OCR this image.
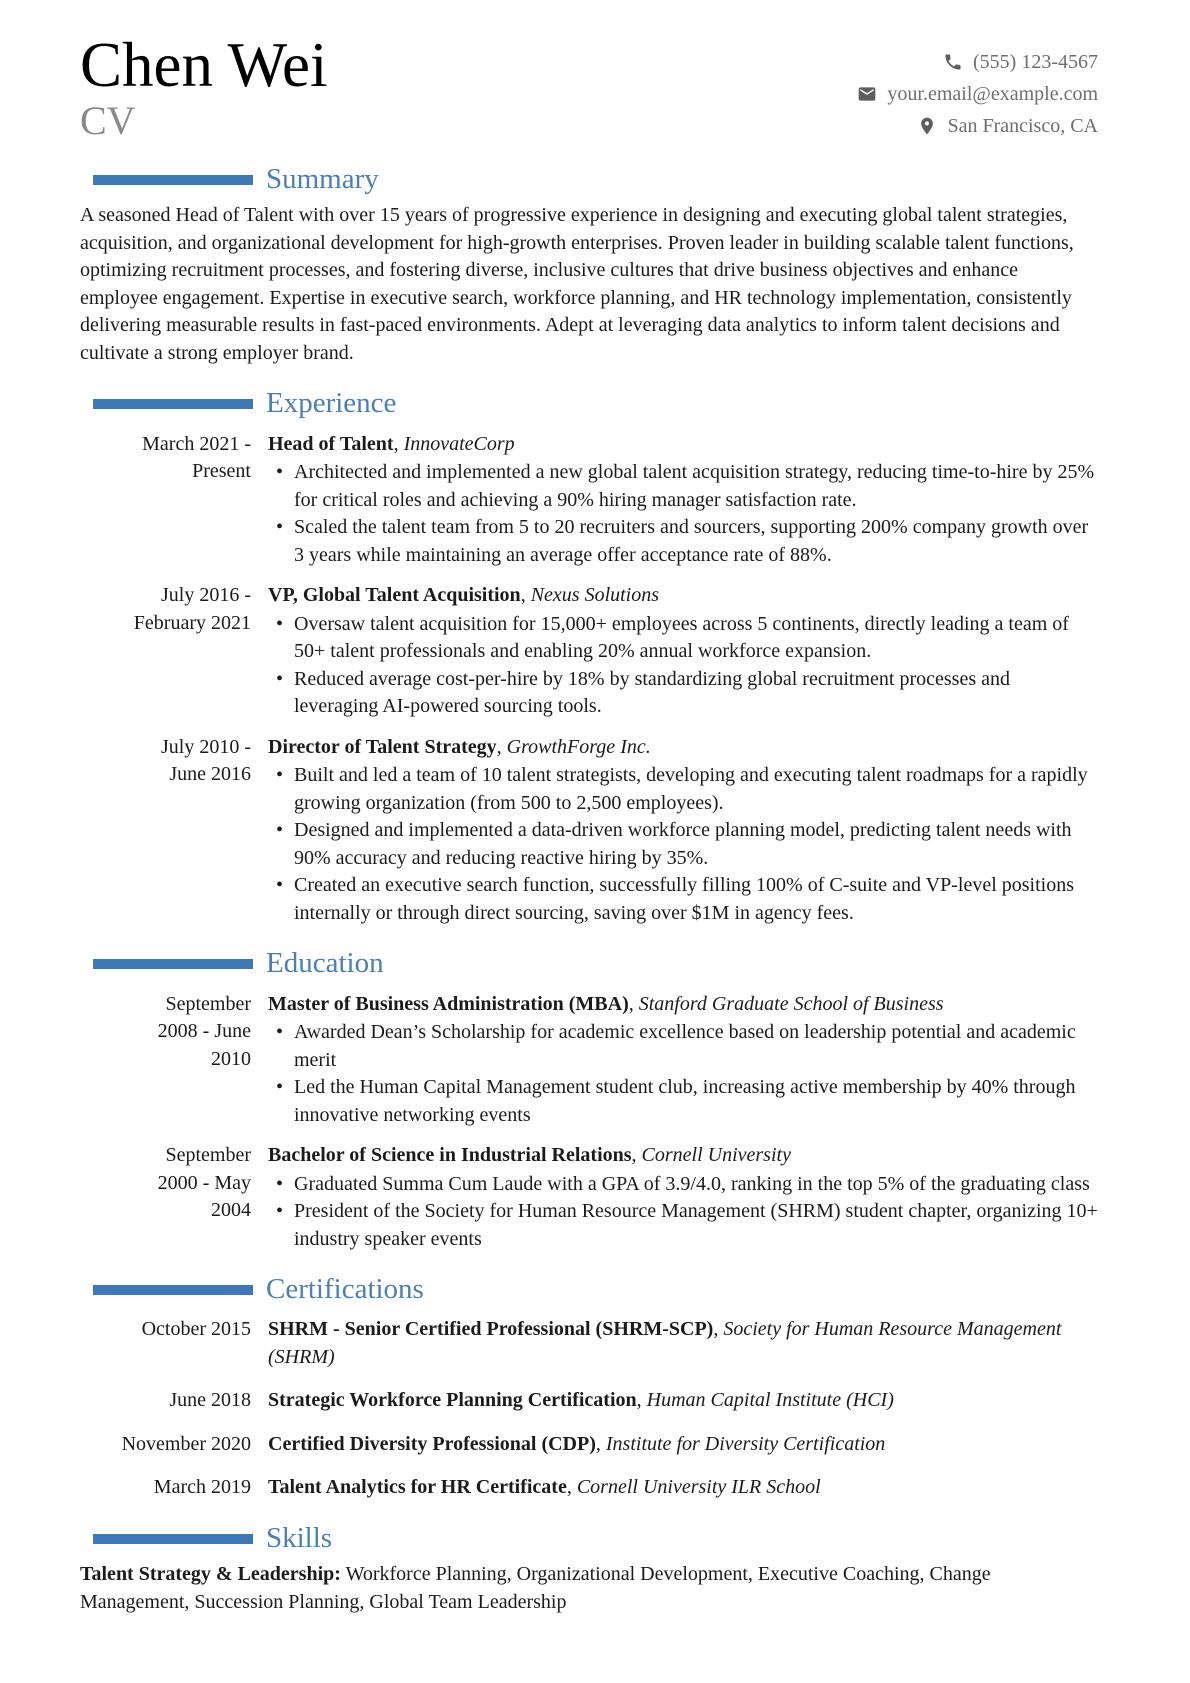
Chen Wei
CV
(555) 123-4567
your.email@example.com
San Francisco, CA
Summary

A seasoned Head of Talent with over 15 years of progressive experience in designing and executing global talent strategies, acquisition, and organizational development for high-growth enterprises. Proven leader in building scalable talent functions, optimizing recruitment processes, and fostering diverse, inclusive cultures that drive business objectives and enhance employee engagement. Expertise in executive search, workforce planning, and HR technology implementation, consistently delivering measurable results in fast-paced environments. Adept at leveraging data analytics to inform talent decisions and cultivate a strong employer brand.

Experience
March 2021 - Present

Head of Talent, InnovateCorp

• Architected and implemented a new global talent acquisition strategy, reducing time-to-hire by 25% for critical roles and achieving a 90% hiring manager satisfaction rate.
• Scaled the talent team from 5 to 20 recruiters and sourcers, supporting 200% company growth over 3 years while maintaining an average offer acceptance rate of 88%.
July 2016 - February 2021

VP, Global Talent Acquisition, Nexus Solutions

• Oversaw talent acquisition for 15,000+ employees across 5 continents, directly leading a team of 50+ talent professionals and enabling 20% annual workforce expansion.
• Reduced average cost-per-hire by 18% by standardizing global recruitment processes and leveraging AI-powered sourcing tools.
July 2010 - June 2016

Director of Talent Strategy, GrowthForge Inc.

• Built and led a team of 10 talent strategists, developing and executing talent roadmaps for a rapidly growing organization (from 500 to 2,500 employees).
• Designed and implemented a data-driven workforce planning model, predicting talent needs with 90% accuracy and reducing reactive hiring by 35%.
• Created an executive search function, successfully filling 100% of C-suite and VP-level positions internally or through direct sourcing, saving over $1M in agency fees.
Education
September 2008 - June 2010

Master of Business Administration (MBA), Stanford Graduate School of Business

• Awarded Dean’s Scholarship for academic excellence based on leadership potential and academic merit
• Led the Human Capital Management student club, increasing active membership by 40% through innovative networking events
September 2000 - May 2004

Bachelor of Science in Industrial Relations, Cornell University

• Graduated Summa Cum Laude with a GPA of 3.9/4.0, ranking in the top 5% of the graduating class
• President of the Society for Human Resource Management (SHRM) student chapter, organizing 10+ industry speaker events
Certifications
October 2015 SHRM - Senior Certified Professional (SHRM-SCP), Society for Human Resource Management (SHRM)

June 2018 Strategic Workforce Planning Certification, Human Capital Institute (HCI)

November 2020 Certified Diversity Professional (CDP), Institute for Diversity Certification

March 2019 Talent Analytics for HR Certificate, Cornell University ILR School

Skills

Talent Strategy & Leadership: Workforce Planning, Organizational Development, Executive Coaching, Change Management, Succession Planning, Global Team Leadership
